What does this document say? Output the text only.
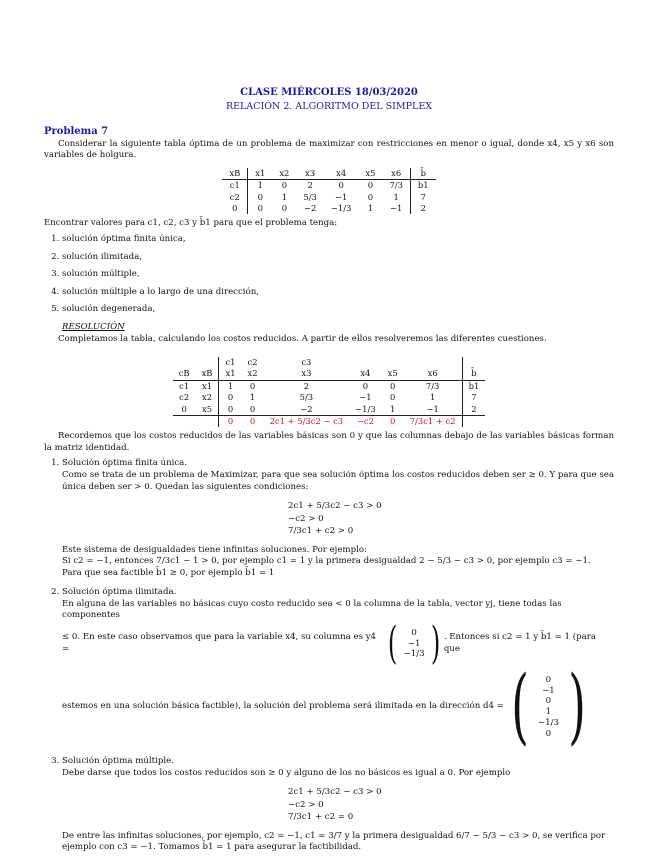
CLASE MIÉRCOLES 18/03/2020
RELACIÓN 2. ALGORITMO DEL SIMPLEX
Problema 7

Considerar la siguiente tabla óptima de un problema de maximizar con restricciones en menor o igual, donde x4, x5 y x6 son variables de holgura.

xB	x1	x2	x3	x4	x5	x6	b̄
c1	1	0	2	0	0	7/3	b̄1
c2	0	1	5/3	−1	0	1	7
0	0	0	−2	−1/3	1	−1	2

Encontrar valores para c1, c2, c3 y b̄1 para que el problema tenga:

1. solución óptima finita única,
2. solución ilimitada,
3. solución múltiple,
4. solución múltiple a lo largo de una dirección,
5. solución degenerada,
RESOLUCIÓN

Completamos la tabla, calculando los costos reducidos. A partir de ellos resolveremos las diferentes cuestiones.

		c1	c2	c3				
cB	xB	x1	x2	x3	x4	x5	x6	b̄
c1	x1	1	0	2	0	0	7/3	b̄1
c2	x2	0	1	5/3	−1	0	1	7
0	x5	0	0	−2	−1/3	1	−1	2
		0	0	2c1 + 5/3c2 − c3	−c2	0	7/3c1 + c2	

Recordemos que los costos reducidos de las variables básicas son 0 y que las columnas debajo de las variables básicas forman la matriz identidad.

1. Solución óptima finita única.

Como se trata de un problema de Maximizar, para que sea solución óptima los costos reducidos deben ser ≥ 0. Y para que sea única deben ser > 0. Quedan las siguientes condiciones:

2c1 + 5/3c2 − c3 > 0
−c2 > 0
7/3c1 + c2 > 0

Este sistema de desigualdades tiene infinitas soluciones. Por ejemplo:

Si c2 = −1, entonces 7/3c1 − 1 > 0, por ejemplo c1 = 1 y la primera desigualdad 2 − 5/3 − c3 > 0, por ejemplo c3 = −1.

Para que sea factible b̄1 ≥ 0, por ejemplo b̄1 = 1

2. Solución óptima ilimitada.

En alguna de las variables no básicas cuyo costo reducido sea < 0 la columna de la tabla, vector yj, tiene todas las componentes

≤ 0. En este caso observamos que para la variable x4, su columna es y4 =	( 0
−1
−1/3 ) . Entonces si c2 = 1 y b̄1 = 1 (para que
estemos en una solución básica factible), la solución del problema será ilimitada en la dirección d4 = ( 0
−1
0
1
−1/3
0 )
3. Solución óptima múltiple.

Debe darse que todos los costos reducidos son ≥ 0 y alguno de los no básicos es igual a 0. Por ejemplo

2c1 + 5/3c2 − c3 > 0
−c2 > 0
7/3c1 + c2 = 0

De entre las infinitas soluciones, por ejemplo, c2 = −1, c1 = 3/7 y la primera desigualdad 6/7 − 5/3 − c3 > 0, se verifica por

ejemplo con c3 = −1. Tomamos b̄1 = 1 para asegurar la factibilidad.
